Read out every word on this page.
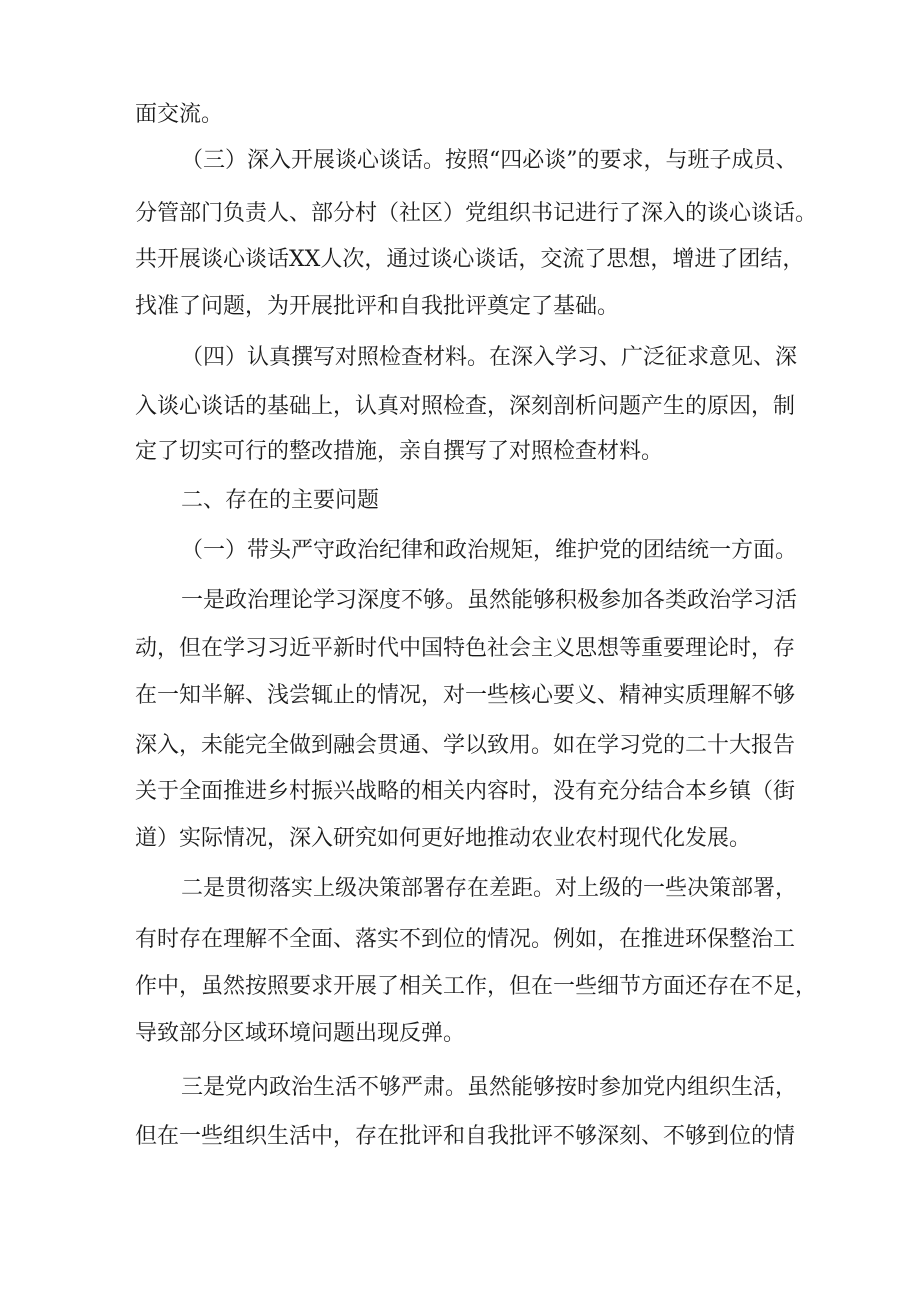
面交流。
（三）深入开展谈心谈话。按照“四必谈”的要求，与班子成员、
分管部门负责人、部分村（社区）党组织书记进行了深入的谈心谈话。
共开展谈心谈话XX人次，通过谈心谈话，交流了思想，增进了团结，
找准了问题，为开展批评和自我批评奠定了基础。
（四）认真撰写对照检查材料。在深入学习、广泛征求意见、深
入谈心谈话的基础上，认真对照检查，深刻剖析问题产生的原因，制
定了切实可行的整改措施，亲自撰写了对照检查材料。
二、存在的主要问题
（一）带头严守政治纪律和政治规矩，维护党的团结统一方面。
一是政治理论学习深度不够。虽然能够积极参加各类政治学习活
动，但在学习习近平新时代中国特色社会主义思想等重要理论时，存
在一知半解、浅尝辄止的情况，对一些核心要义、精神实质理解不够
深入，未能完全做到融会贯通、学以致用。如在学习党的二十大报告
关于全面推进乡村振兴战略的相关内容时，没有充分结合本乡镇（街
道）实际情况，深入研究如何更好地推动农业农村现代化发展。
二是贯彻落实上级决策部署存在差距。对上级的一些决策部署，
有时存在理解不全面、落实不到位的情况。例如，在推进环保整治工
作中，虽然按照要求开展了相关工作，但在一些细节方面还存在不足，
导致部分区域环境问题出现反弹。
三是党内政治生活不够严肃。虽然能够按时参加党内组织生活，
但在一些组织生活中，存在批评和自我批评不够深刻、不够到位的情
